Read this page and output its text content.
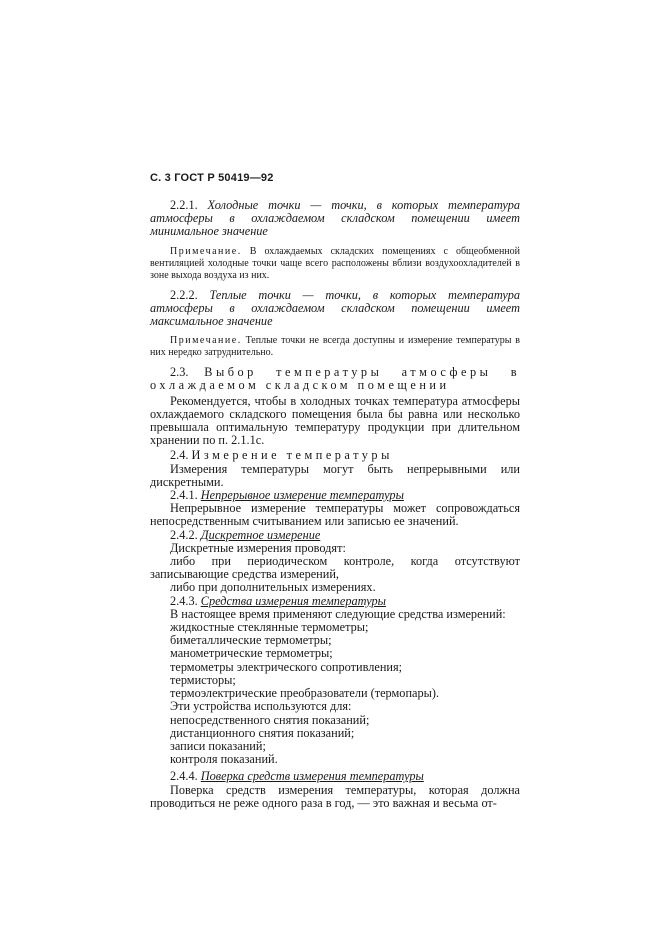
С. 3 ГОСТ Р 50419—92

2.2.1. Холодные точки — точки, в которых температура атмосферы в охлаждаемом складском помещении имеет минимальное значение

Примечание. В охлаждаемых складских помещениях с общеобменной вентиляцией холодные точки чаще всего расположены вблизи воздухоохладителей в зоне выхода воздуха из них.

2.2.2. Теплые точки — точки, в которых температура атмосферы в охлаждаемом складском помещении имеет максимальное значение

Примечание. Теплые точки не всегда доступны и измерение температуры в них нередко затруднительно.

2.3. Выбор температуры атмосферы в охлаждаемом складском помещении

Рекомендуется, чтобы в холодных точках температура атмосферы охлаждаемого складского помещения была бы равна или несколько превышала оптимальную температуру продукции при длительном хранении по п. 2.1.1с.

2.4. Измерение температуры

Измерения температуры могут быть непрерывными или дискретными.

2.4.1. Непрерывное измерение температуры

Непрерывное измерение температуры может сопровождаться непосредственным считыванием или записью ее значений.

2.4.2. Дискретное измерение

Дискретные измерения проводят:

либо при периодическом контроле, когда отсутствуют записывающие средства измерений,

либо при дополнительных измерениях.

2.4.3. Средства измерения температуры

В настоящее время применяют следующие средства измерений:

жидкостные стеклянные термометры;

биметаллические термометры;

манометрические термометры;

термометры электрического сопротивления;

термисторы;

термоэлектрические преобразователи (термопары).

Эти устройства используются для:

непосредственного снятия показаний;

дистанционного снятия показаний;

записи показаний;

контроля показаний.

2.4.4. Поверка средств измерения температуры

Поверка средств измерения температуры, которая должна проводиться не реже одного раза в год, — это важная и весьма от-
